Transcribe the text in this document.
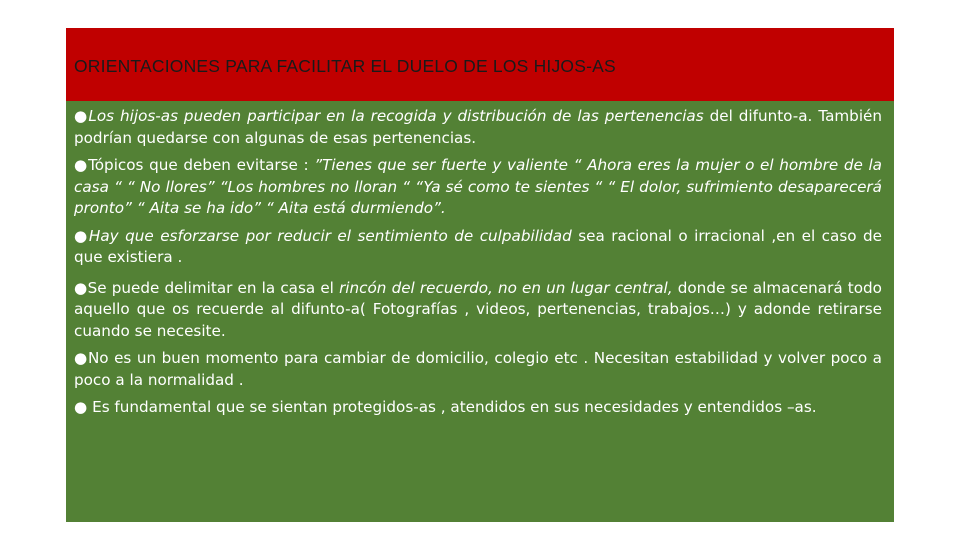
ORIENTACIONES PARA FACILITAR EL DUELO DE LOS HIJOS-AS

●Los hijos-as pueden participar en la recogida y distribución de las pertenencias del difunto-a. También podrían quedarse con algunas de esas pertenencias.

●Tópicos que deben evitarse : ”Tienes que ser fuerte y valiente “ Ahora eres la mujer o el hombre de la casa “ “ No llores” “Los hombres no lloran “ “Ya sé como te sientes “ “ El dolor, sufrimiento desaparecerá pronto” “ Aita se ha ido” “ Aita está durmiendo”.

●Hay que esforzarse por reducir el sentimiento de culpabilidad sea racional o irracional ,en el caso de que existiera .

●Se puede delimitar en la casa el rincón del recuerdo, no en un lugar central, donde se almacenará todo aquello que os recuerde al difunto-a( Fotografías , videos, pertenencias, trabajos…) y adonde retirarse cuando se necesite.

●No es un buen momento para cambiar de domicilio, colegio etc . Necesitan estabilidad y volver poco a poco a la normalidad .

● Es fundamental que se sientan protegidos-as , atendidos en sus necesidades y entendidos –as.
